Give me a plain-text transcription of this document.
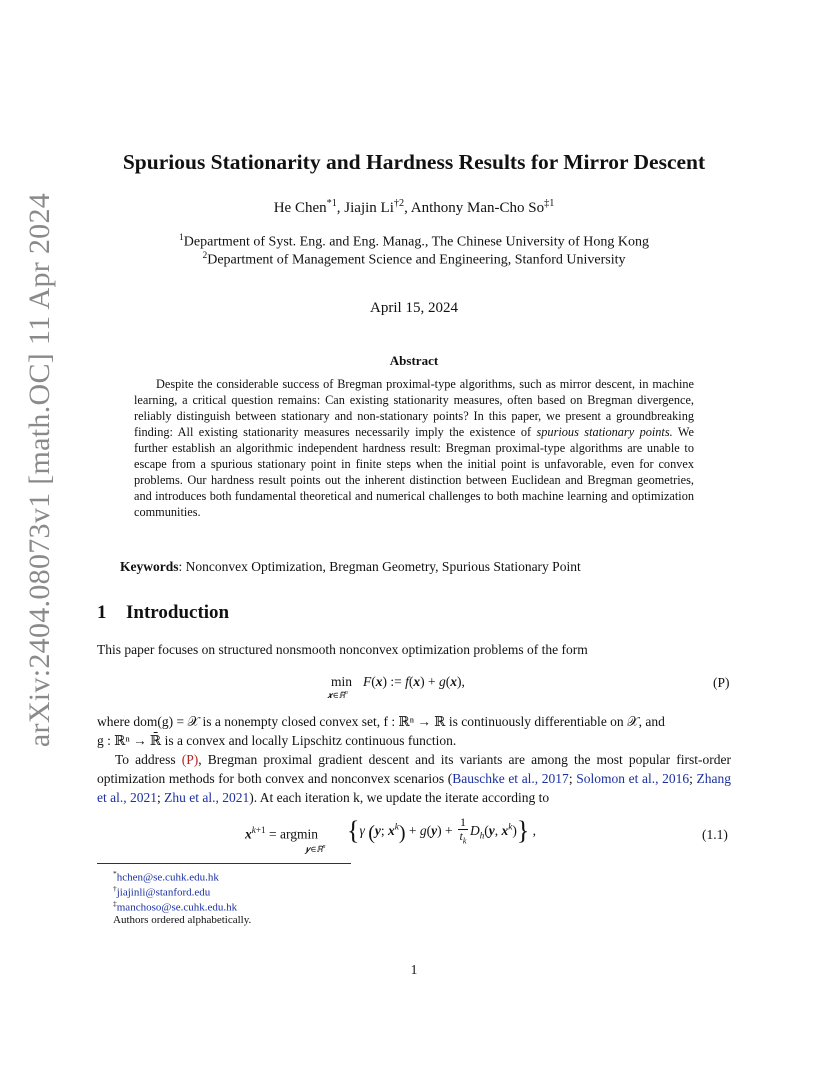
arXiv:2404.08073v1 [math.OC] 11 Apr 2024
Spurious Stationarity and Hardness Results for Mirror Descent
He Chen$^{*1}$, Jiajin Li$^{\dagger 2}$, Anthony Man-Cho So$^{\ddagger 1}$
$^1$Department of Syst. Eng. and Eng. Manag., The Chinese University of Hong Kong
$^2$Department of Management Science and Engineering, Stanford University
April 15, 2024
Abstract

Despite the considerable success of Bregman proximal-type algorithms, such as mirror descent, in machine learning, a critical question remains: Can existing stationarity measures, often based on Bregman divergence, reliably distinguish between stationary and non-stationary points? In this paper, we present a groundbreaking finding: All existing stationarity measures necessarily imply the existence of spurious stationary points. We further establish an algorithmic independent hardness result: Bregman proximal-type algorithms are unable to escape from a spurious stationary point in finite steps when the initial point is unfavorable, even for convex problems. Our hardness result points out the inherent distinction between Euclidean and Bregman geometries, and introduces both fundamental theoretical and numerical challenges to both machine learning and optimization communities.

Keywords: Nonconvex Optimization, Bregman Geometry, Spurious Stationary Point
1 Introduction
This paper focuses on structured nonsmooth nonconvex optimization problems of the form
min
𝒙∈ℝ$^n$
F(x) := f(x) + g(x),	(P)
where dom(g) = 𝒳 is a nonempty closed convex set, f : ℝⁿ → ℝ is continuously differentiable on 𝒳, and
g : ℝⁿ → ℝ̄ is a convex and locally Lipschitz continuous function.
To address (P), Bregman proximal gradient descent and its variants are among the most popular first-order optimization methods for both convex and nonconvex scenarios (Bauschke et al., 2017; Solomon et al., 2016; Zhang et al., 2021; Zhu et al., 2021). At each iteration k, we update the iterate according to
$x^{k+1} = argmin$
𝒚∈ℝ$^n$
{γ (y; $x^k) + g(y) + \frac{1}{t_k} D_h(y$, $x^k$)} ,	(1.1)
*hchen@se.cuhk.edu.hk
†jiajinli@stanford.edu
‡manchoso@se.cuhk.edu.hk
Authors ordered alphabetically.
1
